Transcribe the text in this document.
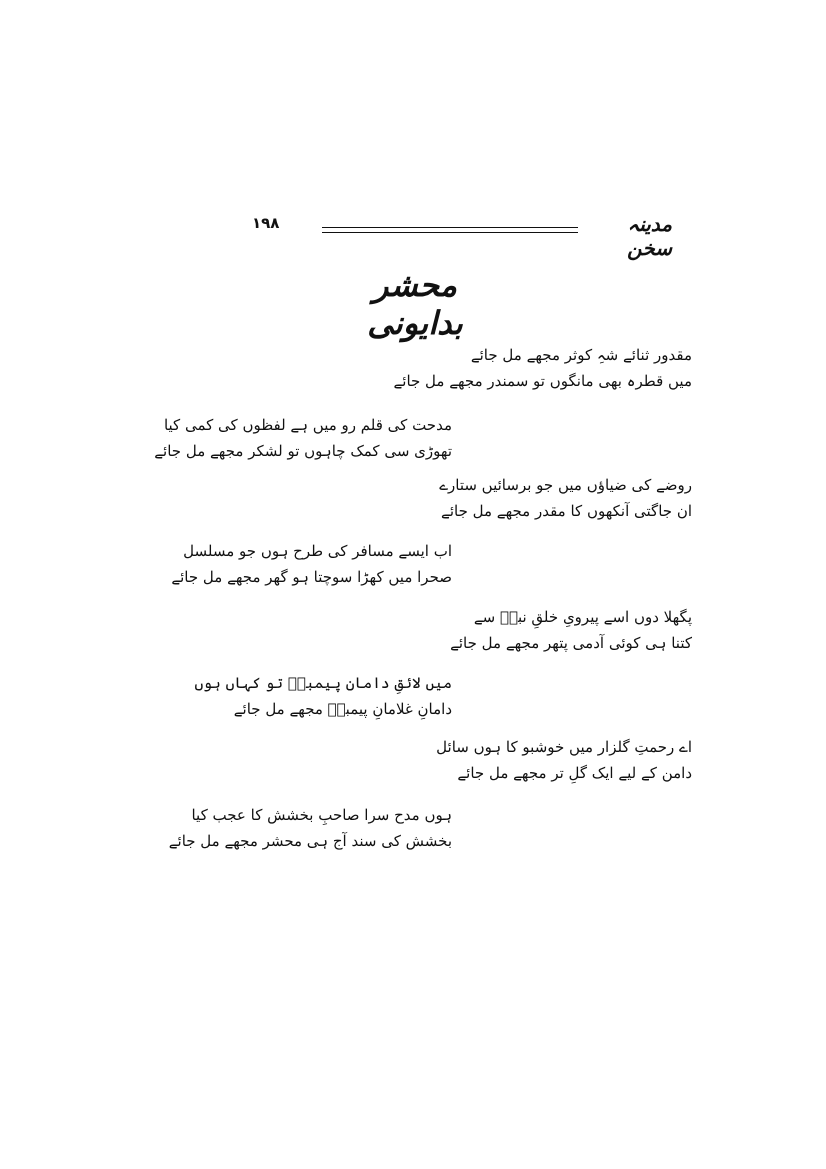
۱۹۸	مدینہ سخن
محشر بدایونی
مقدور ثنائے شہِ کوثر مجھے مل جائے
میں قطرہ بھی مانگوں تو سمندر مجھے مل جائے
مدحت کی قلم رو میں ہے لفظوں کی کمی کیا
تھوڑی سی کمک چاہوں تو لشکر مجھے مل جائے
روضے کی ضیاؤں میں جو برسائیں ستارے
ان جاگتی آنکھوں کا مقدر مجھے مل جائے
اب ایسے مسافر کی طرح ہوں جو مسلسل
صحرا میں کھڑا سوچتا ہو گھر مجھے مل جائے
پگھلا دوں اسے پیرویِ خلقِ نبیؐ سے
کتنا ہی کوئی آدمی پتھر مجھے مل جائے
میں لائقِ دامانِ پیمبرؐ تو کہاں ہوں
دامانِ غلامانِ پیمبرؐ مجھے مل جائے
اے رحمتِ گلزار میں خوشبو کا ہوں سائل
دامن کے لیے ایک گلِ تر مجھے مل جائے
ہوں مدح سرا صاحبِ بخشش کا عجب کیا
بخشش کی سند آج ہی محشر مجھے مل جائے
